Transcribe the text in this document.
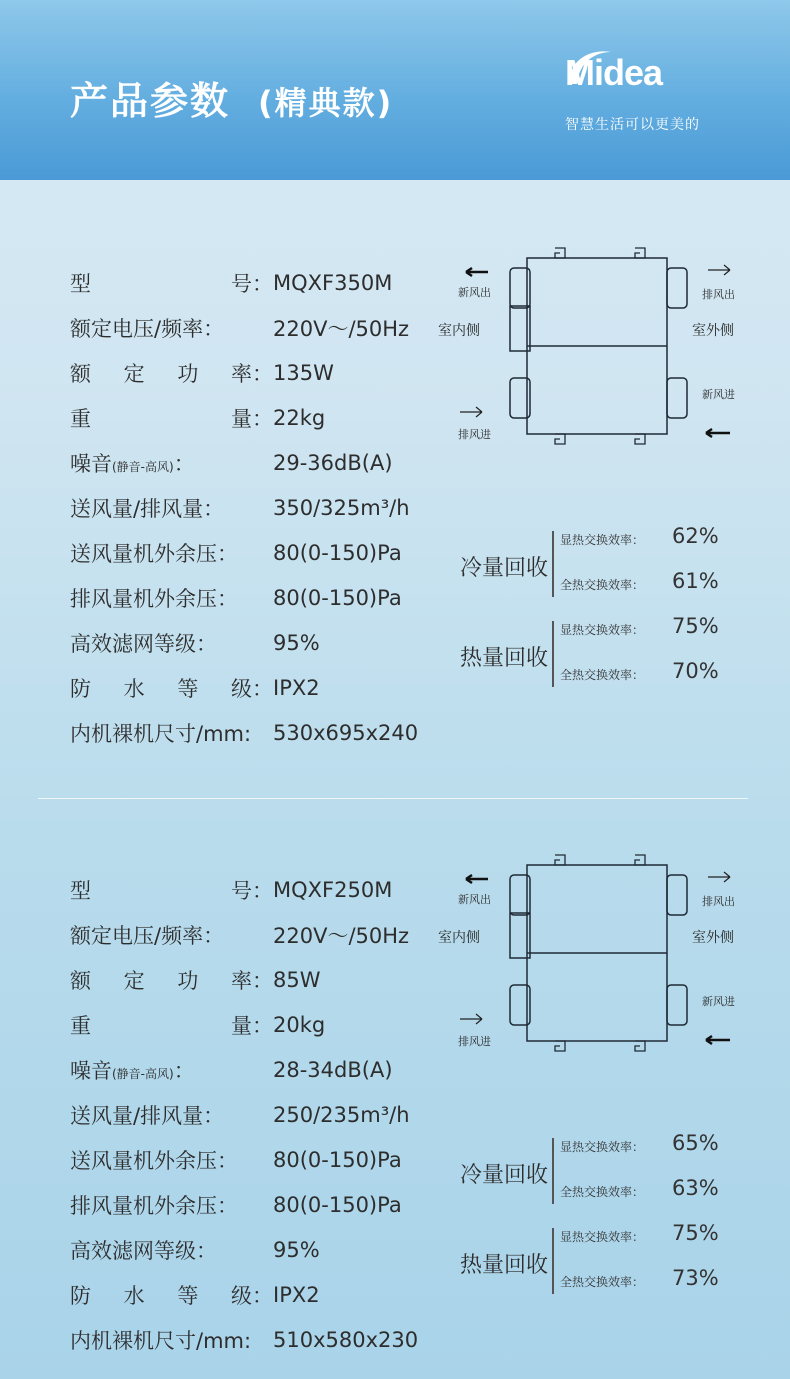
产品参数 (精典款)
Midea
智慧生活可以更美的
型	号： MQXF350M
额定电压/频率： 220V～/50Hz
额 定 功 率： 135W
重	量： 22kg
噪音(静音-高风)：	29-36dB(A)
送风量/排风量： 350/325m³/h
送风量机外余压： 80(0-150)Pa
排风量机外余压： 80(0-150)Pa
高效滤网等级：	95%
防 水 等 级： IPX2
内机裸机尺寸/mm: 530x695x240
新风出	排风出
室内侧	室外侧
排风进
新风进
冷量回收
显热交换效率： 62%
全热交换效率： 61%
热量回收
显热交换效率： 75%
全热交换效率： 70%
型	号： MQXF250M
额定电压/频率： 220V～/50Hz
额 定 功 率： 85W
重	量： 20kg
噪音(静音-高风)：	28-34dB(A)
送风量/排风量： 250/235m³/h
送风量机外余压： 80(0-150)Pa
排风量机外余压： 80(0-150)Pa
高效滤网等级：	95%
防 水 等 级： IPX2
内机裸机尺寸/mm: 510x580x230
新风出	排风出
室内侧	室外侧
排风进
新风进
冷量回收
显热交换效率： 65%
全热交换效率： 63%
热量回收
显热交换效率： 75%
全热交换效率： 73%
